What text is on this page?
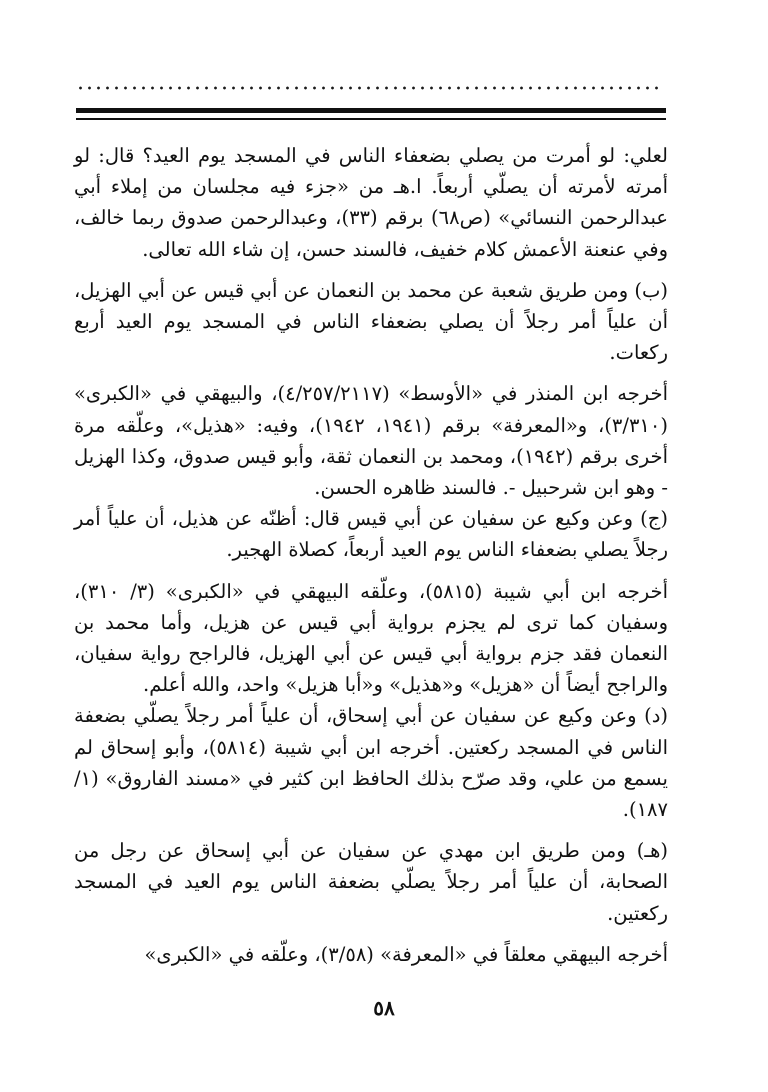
لعلي: لو أمرت من يصلي بضعفاء الناس في المسجد يوم العيد؟ قال: لو أمرته لأمرته أن يصلّي أربعاً. ا.هـ من «جزء فيه مجلسان من إملاء أبي عبدالرحمن النسائي» (ص٦٨) برقم (٣٣)، وعبدالرحمن صدوق ربما خالف، وفي عنعنة الأعمش كلام خفيف، فالسند حسن، إن شاء الله تعالى.

(ب) ومن طريق شعبة عن محمد بن النعمان عن أبي قيس عن أبي الهزيل، أن علياً أمر رجلاً أن يصلي بضعفاء الناس في المسجد يوم العيد أربع ركعات.

أخرجه ابن المنذر في «الأوسط» (٤/٢٥٧/٢١١٧)، والبيهقي في «الكبرى» (٣/٣١٠)، و«المعرفة» برقم (١٩٤١، ١٩٤٢)، وفيه: «هذيل»، وعلّقه مرة أخرى برقم (١٩٤٢)، ومحمد بن النعمان ثقة، وأبو قيس صدوق، وكذا الهزيل - وهو ابن شرحبيل -. فالسند ظاهره الحسن.

(ج) وعن وكيع عن سفيان عن أبي قيس قال: أظنّه عن هذيل، أن علياً أمر رجلاً يصلي بضعفاء الناس يوم العيد أربعاً، كصلاة الهجير.

أخرجه ابن أبي شيبة (٥٨١٥)، وعلّقه البيهقي في «الكبرى» (٣/ ٣١٠)، وسفيان كما ترى لم يجزم برواية أبي قيس عن هزيل، وأما محمد بن النعمان فقد جزم برواية أبي قيس عن أبي الهزيل، فالراجح رواية سفيان، والراجح أيضاً أن «هزيل» و«هذيل» و«أبا هزيل» واحد، والله أعلم.

(د) وعن وكيع عن سفيان عن أبي إسحاق، أن علياً أمر رجلاً يصلّي بضعفة الناس في المسجد ركعتين. أخرجه ابن أبي شيبة (٥٨١٤)، وأبو إسحاق لم يسمع من علي، وقد صرّح بذلك الحافظ ابن كثير في «مسند الفاروق» (١/ ١٨٧).

(هـ) ومن طريق ابن مهدي عن سفيان عن أبي إسحاق عن رجل من الصحابة، أن علياً أمر رجلاً يصلّي بضعفة الناس يوم العيد في المسجد ركعتين.

أخرجه البيهقي معلقاً في «المعرفة» (٣/٥٨)، وعلّقه في «الكبرى»

٥٨
